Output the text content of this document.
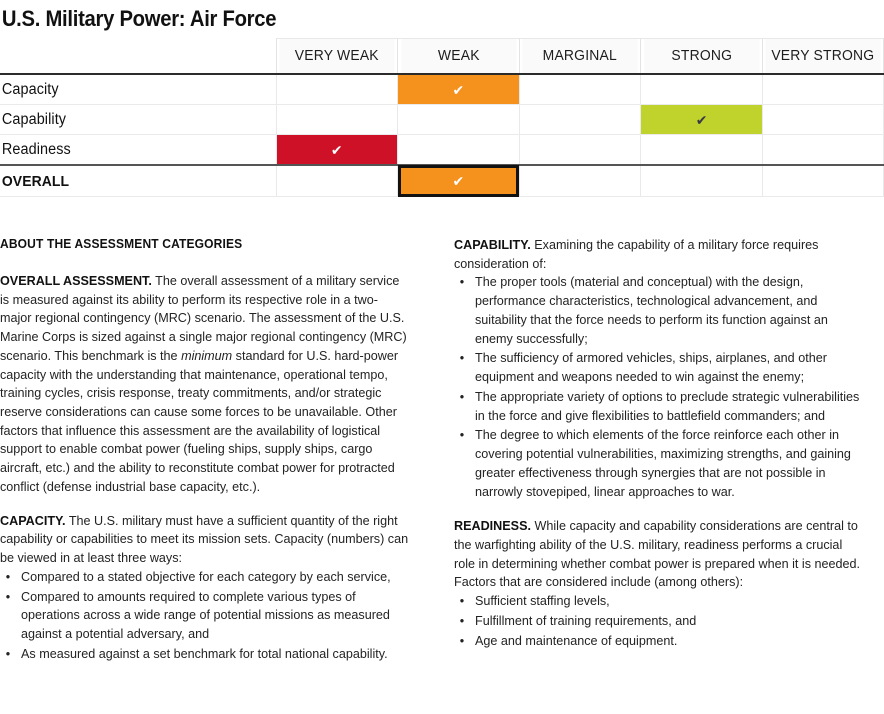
U.S. Military Power: Air Force
	VERY WEAK	WEAK	MARGINAL	STRONG	VERY STRONG
Capacity		✔			

Capability				✔	

Readiness	✔				

OVERALL		✔			

ABOUT THE ASSESSMENT CATEGORIES

OVERALL ASSESSMENT. The overall assessment of a military service is measured against its ability to perform its respective role in a two-major regional contingency (MRC) scenario. The assessment of the U.S. Marine Corps is sized against a single major regional contingency (MRC) scenario. This benchmark is the minimum standard for U.S. hard-power capacity with the understanding that maintenance, operational tempo, training cycles, crisis response, treaty commitments, and/or strategic reserve considerations can cause some forces to be unavailable. Other factors that influence this assessment are the availability of logistical support to enable combat power (fueling ships, supply ships, cargo aircraft, etc.) and the ability to reconstitute combat power for protracted conflict (defense industrial base capacity, etc.).

CAPACITY. The U.S. military must have a sufficient quantity of the right capability or capabilities to meet its mission sets. Capacity (numbers) can be viewed in at least three ways:

• Compared to a stated objective for each category by each service,
• Compared to amounts required to complete various types of operations across a wide range of potential missions as measured against a potential adversary, and
• As measured against a set benchmark for total national capability.

CAPABILITY. Examining the capability of a military force requires consideration of:

• The proper tools (material and conceptual) with the design, performance characteristics, technological advancement, and suitability that the force needs to perform its function against an enemy successfully;
• The sufficiency of armored vehicles, ships, airplanes, and other equipment and weapons needed to win against the enemy;
• The appropriate variety of options to preclude strategic vulnerabilities in the force and give flexibilities to battlefield commanders; and
• The degree to which elements of the force reinforce each other in covering potential vulnerabilities, maximizing strengths, and gaining greater effectiveness through synergies that are not possible in narrowly stovepiped, linear approaches to war.

READINESS. While capacity and capability considerations are central to the warfighting ability of the U.S. military, readiness performs a crucial role in determining whether combat power is prepared when it is needed. Factors that are considered include (among others):

• Sufficient staffing levels,
• Fulfillment of training requirements, and
• Age and maintenance of equipment.
